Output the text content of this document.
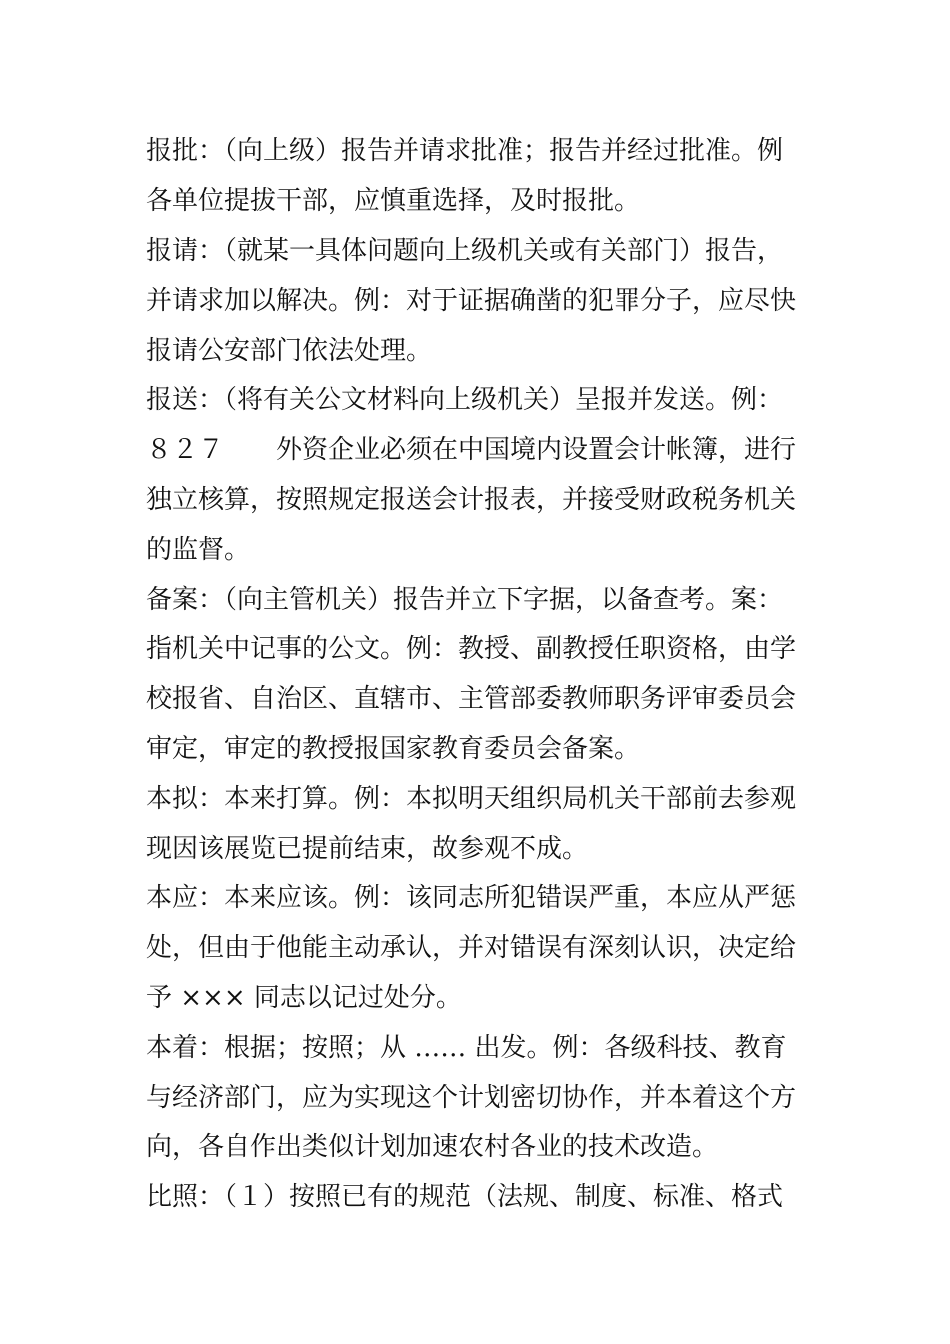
报批：（向上级）报告并请求批准；报告并经过批准。例
各单位提拔干部，应慎重选择，及时报批。
报请：（就某一具体问题向上级机关或有关部门）报告，
并请求加以解决。例：对于证据确凿的犯罪分子，应尽快
报请公安部门依法处理。
报送：（将有关公文材料向上级机关）呈报并发送。例：
８２７　　外资企业必须在中国境内设置会计帐簿，进行
独立核算，按照规定报送会计报表，并接受财政税务机关
的监督。
备案：（向主管机关）报告并立下字据，以备查考。案：
指机关中记事的公文。例：教授、副教授任职资格，由学
校报省、自治区、直辖市、主管部委教师职务评审委员会
审定，审定的教授报国家教育委员会备案。
本拟：本来打算。例：本拟明天组织局机关干部前去参观
现因该展览已提前结束，故参观不成。
本应：本来应该。例：该同志所犯错误严重，本应从严惩
处，但由于他能主动承认，并对错误有深刻认识，决定给
予 ××× 同志以记过处分。
本着：根据；按照；从 …… 出发。例：各级科技、教育
与经济部门，应为实现这个计划密切协作，并本着这个方
向，各自作出类似计划加速农村各业的技术改造。
比照：（１）按照已有的规范（法规、制度、标准、格式
